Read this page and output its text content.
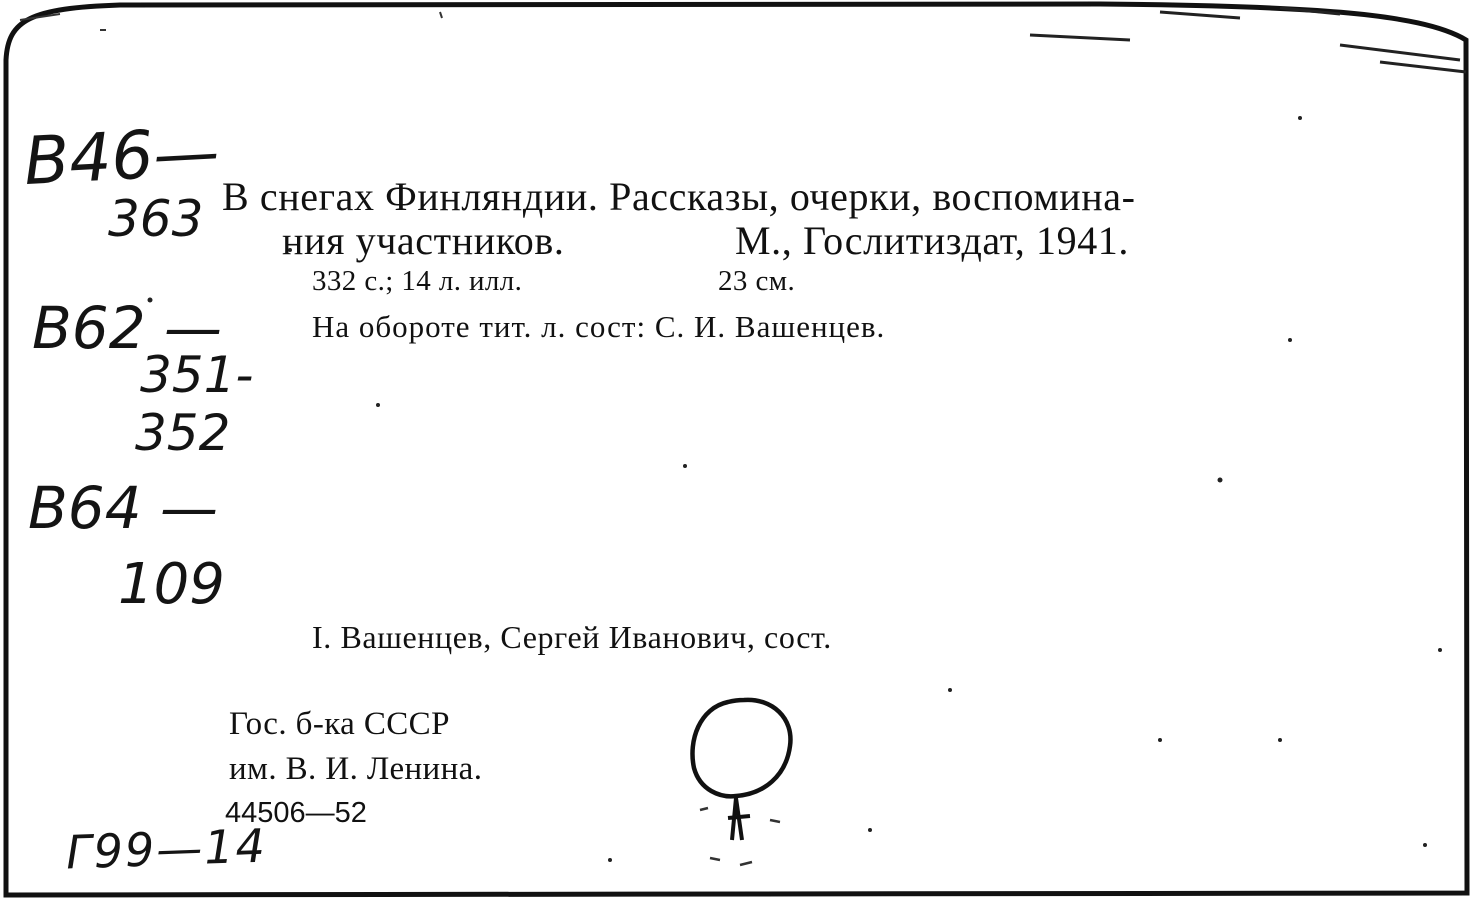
В снегах Финляндии. Рассказы, очерки, воспомина-
ния участников.	М., Гослитиздат, 1941.
332 с.; 14 л. илл.	23 см.
На обороте тит. л. сост: С. И. Вашенцев.
I. Вашенцев, Сергей Иванович, сост.
Гос. б-ка СССР
им. В. И. Ленина.
44506—52
В46—
363
В62 —
351-
352
В64 —
109
Г99—14
